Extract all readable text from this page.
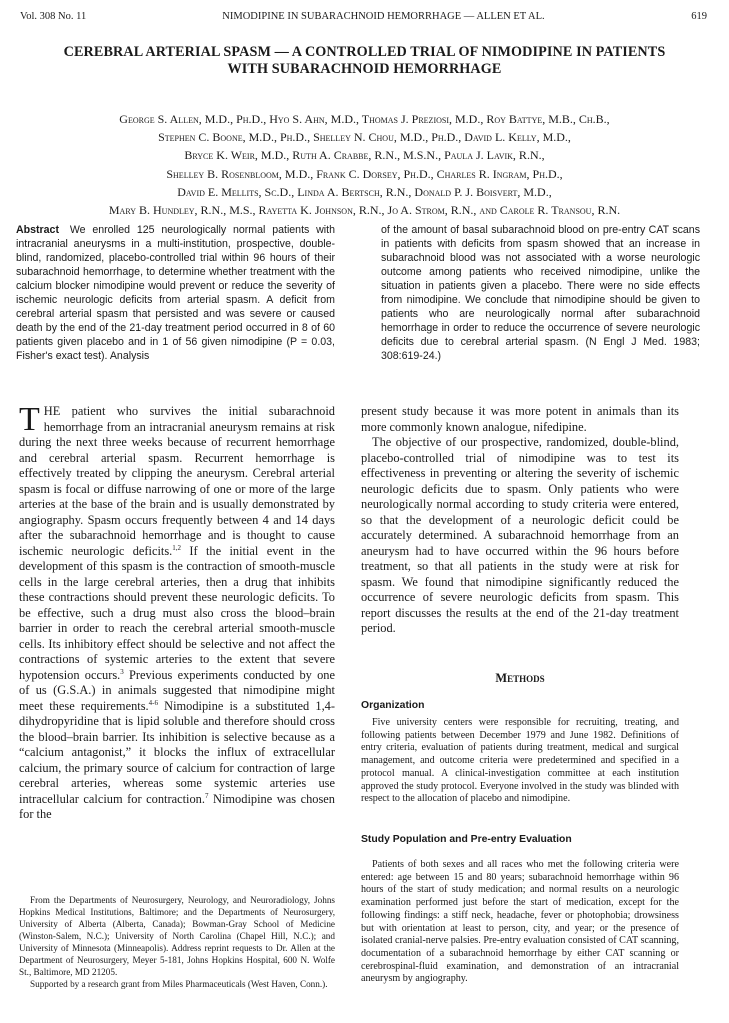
Vol. 308 No. 11	NIMODIPINE IN SUBARACHNOID HEMORRHAGE — ALLEN ET AL.	619
CEREBRAL ARTERIAL SPASM — A CONTROLLED TRIAL OF NIMODIPINE IN PATIENTS
WITH SUBARACHNOID HEMORRHAGE
George S. Allen, M.D., Ph.D., Hyo S. Ahn, M.D., Thomas J. Preziosi, M.D., Roy Battye, M.B., Ch.B.,
Stephen C. Boone, M.D., Ph.D., Shelley N. Chou, M.D., Ph.D., David L. Kelly, M.D.,
Bryce K. Weir, M.D., Ruth A. Crabbe, R.N., M.S.N., Paula J. Lavik, R.N.,
Shelley B. Rosenbloom, M.D., Frank C. Dorsey, Ph.D., Charles R. Ingram, Ph.D.,
David E. Mellits, Sc.D., Linda A. Bertsch, R.N., Donald P. J. Boisvert, M.D.,
Mary B. Hundley, R.N., M.S., Rayetta K. Johnson, R.N., Jo A. Strom, R.N., and Carole R. Transou, R.N.
Abstract We enrolled 125 neurologically normal patients with intracranial aneurysms in a multi-institution, prospective, double-blind, randomized, placebo-controlled trial within 96 hours of their subarachnoid hemorrhage, to determine whether treatment with the calcium blocker nimodipine would prevent or reduce the severity of ischemic neurologic deficits from arterial spasm. A deficit from cerebral arterial spasm that persisted and was severe or caused death by the end of the 21-day treatment period occurred in 8 of 60 patients given placebo and in 1 of 56 given nimodipine (P = 0.03, Fisher's exact test). Analysis
of the amount of basal subarachnoid blood on pre-entry CAT scans in patients with deficits from spasm showed that an increase in subarachnoid blood was not associated with a worse neurologic outcome among patients who received nimodipine, unlike the situation in patients given a placebo. There were no side effects from nimodipine. We conclude that nimodipine should be given to patients who are neurologically normal after subarachnoid hemorrhage in order to reduce the occurrence of severe neurologic deficits due to cerebral arterial spasm. (N Engl J Med. 1983; 308:619-24.)
T HE patient who survives the initial subarachnoid hemorrhage from an intracranial aneurysm remains at risk during the next three weeks because of recurrent hemorrhage and cerebral arterial spasm. Recurrent hemorrhage is effectively treated by clipping the aneurysm. Cerebral arterial spasm is focal or diffuse narrowing of one or more of the large arteries at the base of the brain and is usually demonstrated by angiography. Spasm occurs frequently between 4 and 14 days after the subarachnoid hemorrhage and is thought to cause ischemic neurologic deficits.$^{1,2}$ If the initial event in the development of this spasm is the contraction of smooth-muscle cells in the large cerebral arteries, then a drug that inhibits these contractions should prevent these neurologic deficits. To be effective, such a drug must also cross the blood–brain barrier in order to reach the cerebral arterial smooth-muscle cells. Its inhibitory effect should be selective and not affect the contractions of systemic arteries to the extent that severe hypotension occurs.$^3$ Previous experiments conducted by one of us (G.S.A.) in animals suggested that nimodipine might meet these requirements.$^{4-6}$ Nimodipine is a substituted 1,4-dihydropyridine that is lipid soluble and therefore should cross the blood–brain barrier. Its inhibition is selective because as a “calcium antagonist,” it blocks the influx of extracellular calcium, the primary source of calcium for contraction of large cerebral arteries, whereas some systemic arteries use intracellular calcium for contraction.$^7$ Nimodipine was chosen for the

present study because it was more potent in animals than its more commonly known analogue, nifedipine.

The objective of our prospective, randomized, double-blind, placebo-controlled trial of nimodipine was to test its effectiveness in preventing or altering the severity of ischemic neurologic deficits due to spasm. Only patients who were neurologically normal according to study criteria were entered, so that the development of a neurologic deficit could be accurately determined. A subarachnoid hemorrhage from an aneurysm had to have occurred within the 96 hours before treatment, so that all patients in the study were at risk for spasm. We found that nimodipine significantly reduced the occurrence of severe neurologic deficits from spasm. This report discusses the results at the end of the 21-day treatment period.

Methods
Organization
Five university centers were responsible for recruiting, treating, and following patients between December 1979 and June 1982. Definitions of entry criteria, evaluation of patients during treatment, medical and surgical management, and outcome criteria were predetermined and specified in a protocol manual. A clinical-investigation committee at each institution approved the study protocol. Everyone involved in the study was blinded with respect to the allocation of placebo and nimodipine.
Study Population and Pre-entry Evaluation
Patients of both sexes and all races who met the following criteria were entered: age between 15 and 80 years; subarachnoid hemorrhage within 96 hours of the start of study medication; and normal results on a neurologic examination performed just before the start of medication, except for the following findings: a stiff neck, headache, fever or photophobia; drowsiness but with orientation at least to person, city, and year; or the presence of isolated cranial-nerve palsies. Pre-entry evaluation consisted of CAT scanning, documentation of a subarachnoid hemorrhage by either CAT scanning or cerebrospinal-fluid examination, and demonstration of an intracranial aneurysm by angiography.

From the Departments of Neurosurgery, Neurology, and Neuroradiology, Johns Hopkins Medical Institutions, Baltimore; and the Departments of Neurosurgery, University of Alberta (Alberta, Canada); Bowman-Gray School of Medicine (Winston-Salem, N.C.); University of North Carolina (Chapel Hill, N.C.); and University of Minnesota (Minneapolis). Address reprint requests to Dr. Allen at the Department of Neurosurgery, Meyer 5-181, Johns Hopkins Hospital, 600 N. Wolfe St., Baltimore, MD 21205.

Supported by a research grant from Miles Pharmaceuticals (West Haven, Conn.).
